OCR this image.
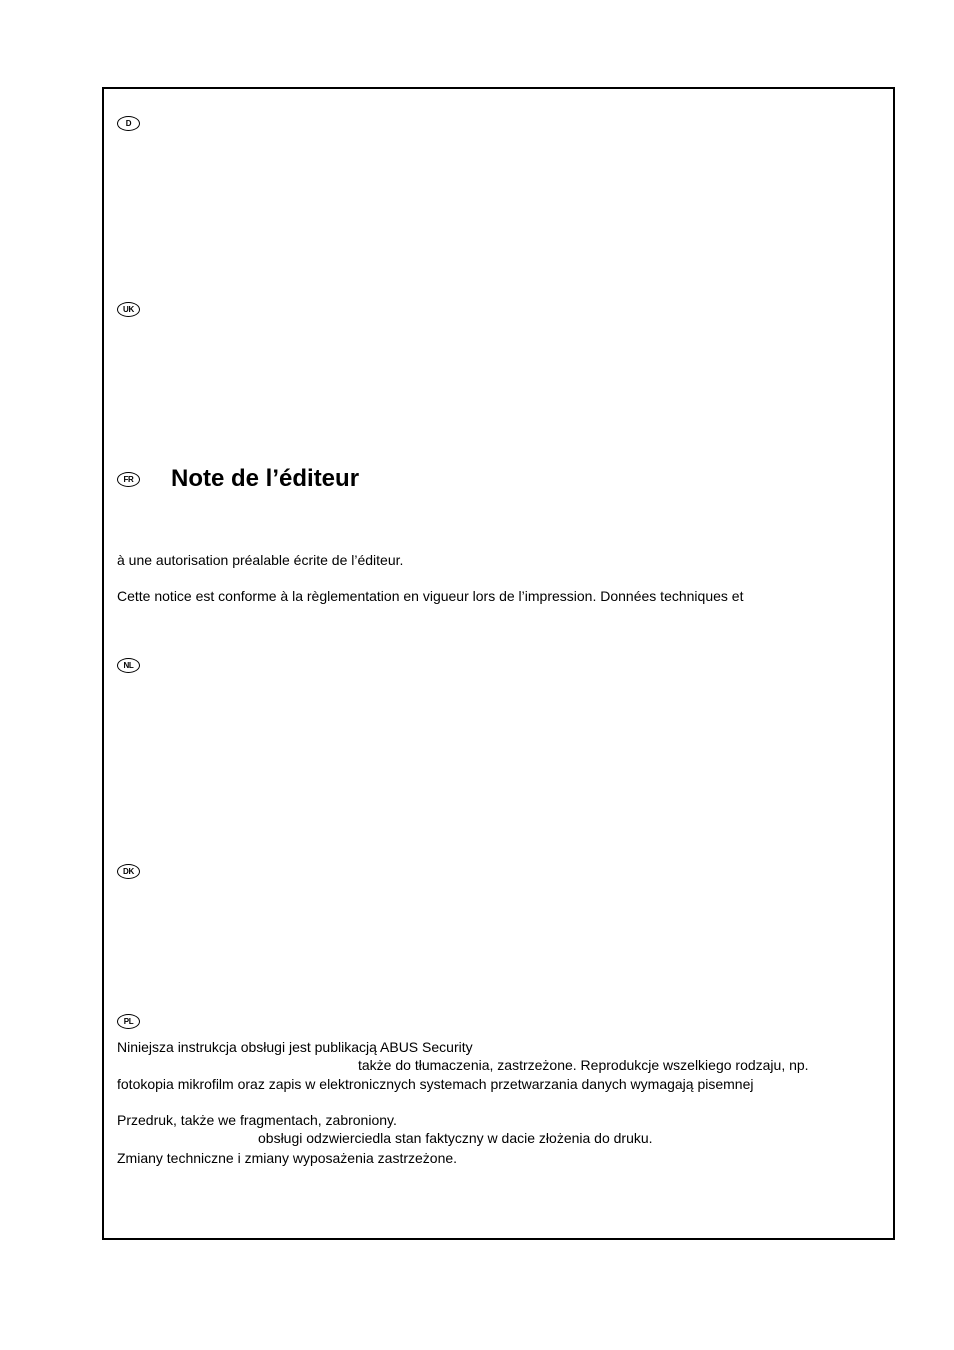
D
UK
FR Note de l’éditeur
à une autorisation préalable écrite de l’éditeur.
Cette notice est conforme à la règlementation en vigueur lors de l’impression. Données techniques et
NL
DK
PL
Niniejsza instrukcja obsługi jest publikacją ABUS Security
także do tłumaczenia, zastrzeżone. Reprodukcje wszelkiego rodzaju, np.
fotokopia mikrofilm oraz zapis w elektronicznych systemach przetwarzania danych wymagają pisemnej
Przedruk, także we fragmentach, zabroniony.
obsługi odzwierciedla stan faktyczny w dacie złożenia do druku.
Zmiany techniczne i zmiany wyposażenia zastrzeżone.
